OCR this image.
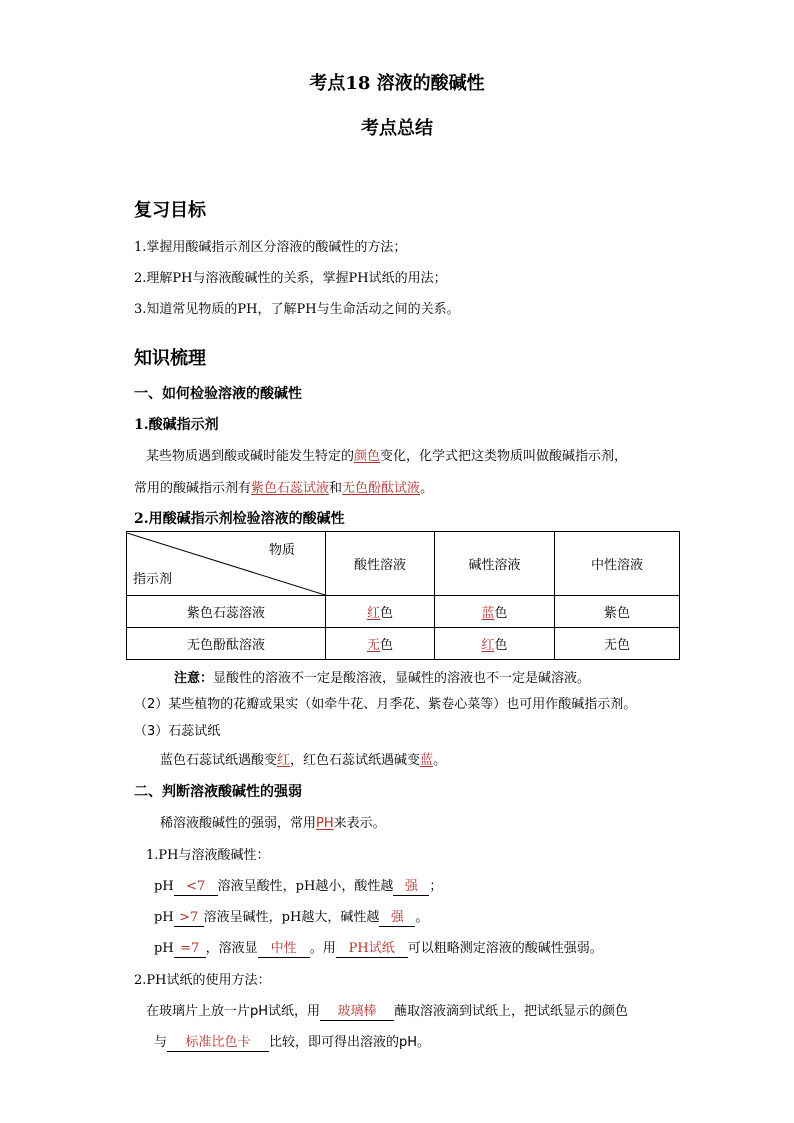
考点18 溶液的酸碱性
考点总结
复习目标
1.掌握用酸碱指示剂区分溶液的酸碱性的方法；
2.理解PH与溶液酸碱性的关系，掌握PH试纸的用法；
3.知道常见物质的PH，了解PH与生命活动之间的关系。
知识梳理
一、如何检验溶液的酸碱性
1.酸碱指示剂
某些物质遇到酸或碱时能发生特定的颜色变化，化学式把这类物质叫做酸碱指示剂，
常用的酸碱指示剂有紫色石蕊试液和无色酚酞试液。
2.用酸碱指示剂检验溶液的酸碱性
物质
指示剂	酸性溶液	碱性溶液	中性溶液
紫色石蕊溶液	红色	蓝色	紫色
无色酚酞溶液	无色	红色	无色
注意：显酸性的溶液不一定是酸溶液，显碱性的溶液也不一定是碱溶液。
（2）某些植物的花瓣或果实（如牵牛花、月季花、紫卷心菜等）也可用作酸碱指示剂。
（3）石蕊试纸
蓝色石蕊试纸遇酸变红，红色石蕊试纸遇碱变蓝。
二、判断溶液酸碱性的强弱
稀溶液酸碱性的强弱，常用PH来表示。
1.PH与溶液酸碱性：
pH <7 溶液呈酸性，pH越小，酸性越 强 ；
pH >7 溶液呈碱性，pH越大，碱性越 强 。
pH =7 ，溶液显 中性 。用 PH试纸 可以粗略测定溶液的酸碱性强弱。
2.PH试纸的使用方法：
在玻璃片上放一片pH试纸，用 玻璃棒 蘸取溶液滴到试纸上，把试纸显示的颜色
与 标准比色卡 比较，即可得出溶液的pH。
